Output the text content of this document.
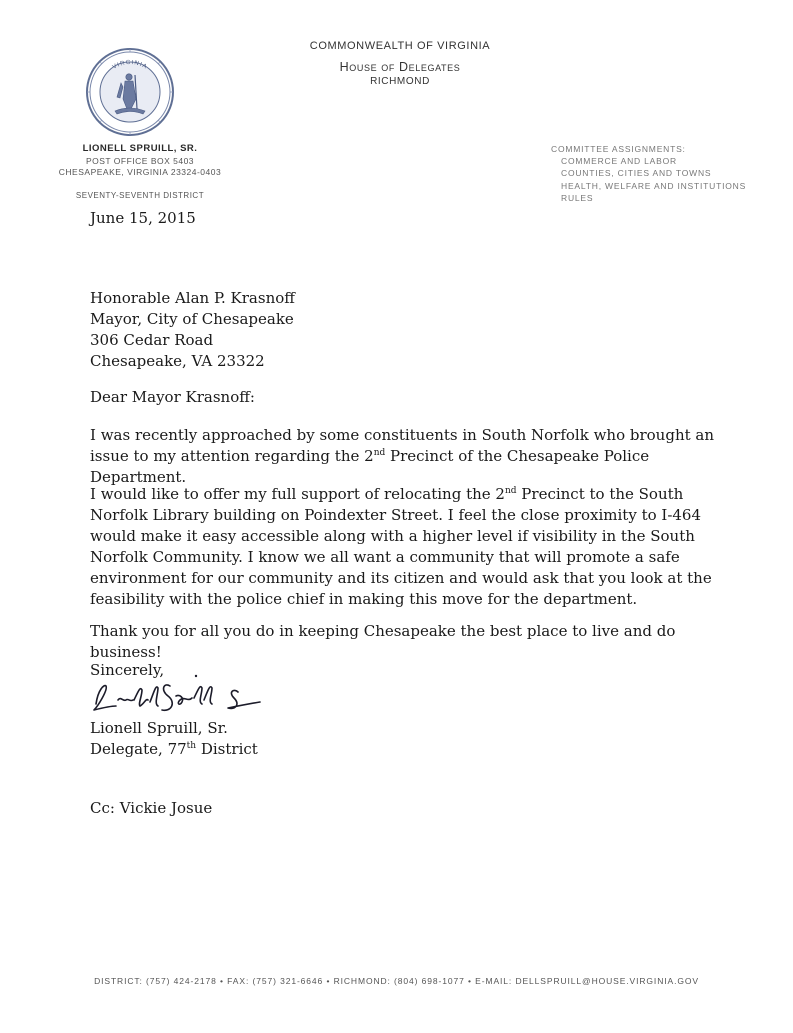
VIRGINIA
COMMONWEALTH OF VIRGINIA
House of Delegates
RICHMOND
LIONELL SPRUILL, SR.
POST OFFICE BOX 5403
CHESAPEAKE, VIRGINIA 23324-0403
SEVENTY-SEVENTH DISTRICT
COMMITTEE ASSIGNMENTS:
COMMERCE AND LABOR
COUNTIES, CITIES AND TOWNS
HEALTH, WELFARE AND INSTITUTIONS
RULES
June 15, 2015
Honorable Alan P. Krasnoff
Mayor, City of Chesapeake
306 Cedar Road
Chesapeake, VA 23322
Dear Mayor Krasnoff:
I was recently approached by some constituents in South Norfolk who brought an issue to my attention regarding the 2nd Precinct of the Chesapeake Police Department.
I would like to offer my full support of relocating the 2nd Precinct to the South Norfolk Library building on Poindexter Street. I feel the close proximity to I-464 would make it easy accessible along with a higher level if visibility in the South Norfolk Community. I know we all want a community that will promote a safe environment for our community and its citizen and would ask that you look at the feasibility with the police chief in making this move for the department.
Thank you for all you do in keeping Chesapeake the best place to live and do business!
Sincerely,
Lionell Spruill, Sr.
Delegate, 77th District
Cc: Vickie Josue
DISTRICT: (757) 424-2178 • FAX: (757) 321-6646 • RICHMOND: (804) 698-1077 • E-MAIL: DELLSPRUILL@HOUSE.VIRGINIA.GOV
